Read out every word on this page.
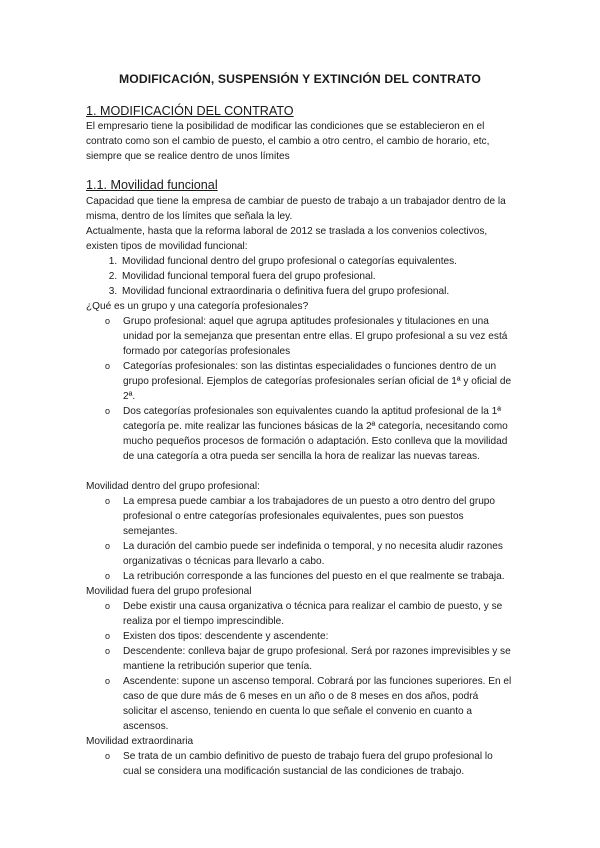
MODIFICACIÓN, SUSPENSIÓN Y EXTINCIÓN DEL CONTRATO
1. MODIFICACIÓN DEL CONTRATO

El empresario tiene la posibilidad de modificar las condiciones que se establecieron en el contrato como son el cambio de puesto, el cambio a otro centro, el cambio de horario, etc, siempre que se realice dentro de unos límites

1.1. Movilidad funcional

Capacidad que tiene la empresa de cambiar de puesto de trabajo a un trabajador dentro de la misma, dentro de los límites que señala la ley.

Actualmente, hasta que la reforma laboral de 2012 se traslada a los convenios colectivos, existen tipos de movilidad funcional:

1. Movilidad funcional dentro del grupo profesional o categorías equivalentes.
2. Movilidad funcional temporal fuera del grupo profesional.
3. Movilidad funcional extraordinaria o definitiva fuera del grupo profesional.

¿Qué es un grupo y una categoría profesionales?

o Grupo profesional: aquel que agrupa aptitudes profesionales y titulaciones en una unidad por la semejanza que presentan entre ellas. El grupo profesional a su vez está formado por categorías profesionales
o Categorías profesionales: son las distintas especialidades o funciones dentro de un grupo profesional. Ejemplos de categorías profesionales serían oficial de 1ª y oficial de 2ª.
o Dos categorías profesionales son equivalentes cuando la aptitud profesional de la 1ª categoría pe. mite realizar las funciones básicas de la 2ª categoría, necesitando como mucho pequeños procesos de formación o adaptación. Esto conlleva que la movilidad de una categoría a otra pueda ser sencilla la hora de realizar las nuevas tareas.

Movilidad dentro del grupo profesional:

o La empresa puede cambiar a los trabajadores de un puesto a otro dentro del grupo profesional o entre categorías profesionales equivalentes, pues son puestos semejantes.
o La duración del cambio puede ser indefinida o temporal, y no necesita aludir razones organizativas o técnicas para llevarlo a cabo.
o La retribución corresponde a las funciones del puesto en el que realmente se trabaja.

Movilidad fuera del grupo profesional

o Debe existir una causa organizativa o técnica para realizar el cambio de puesto, y se realiza por el tiempo imprescindible.
o Existen dos tipos: descendente y ascendente:
o Descendente: conlleva bajar de grupo profesional. Será por razones imprevisibles y se mantiene la retribución superior que tenía.
o Ascendente: supone un ascenso temporal. Cobrará por las funciones superiores. En el caso de que dure más de 6 meses en un año o de 8 meses en dos años, podrá solicitar el ascenso, teniendo en cuenta lo que señale el convenio en cuanto a ascensos.

Movilidad extraordinaria

o Se trata de un cambio definitivo de puesto de trabajo fuera del grupo profesional lo cual se considera una modificación sustancial de las condiciones de trabajo.
